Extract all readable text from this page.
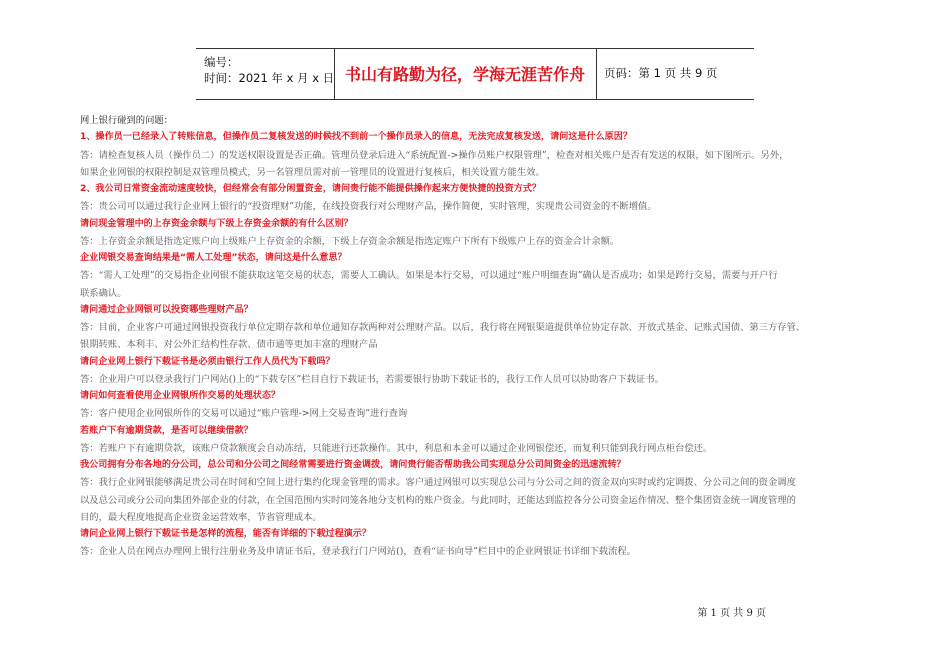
编号：
时间：2021 年 x 月 x 日 书山有路勤为径，学海无涯苦作舟	页码：第 1 页 共 9 页
网上银行碰到的问题：
1、操作员一已经录入了转账信息，但操作员二复核发送的时候找不到前一个操作员录入的信息，无法完成复核发送，请问这是什么原因？
答：请检查复核人员（操作员二）的发送权限设置是否正确。管理员登录后进入“系统配置->操作员账户权限管理”，检查对相关账户是否有发送的权限，如下图所示。另外，
如果企业网银的权限控制是双管理员模式，另一名管理员需对前一管理员的设置进行复核后，相关设置方能生效。
2、我公司日常资金流动速度较快，但经常会有部分闲置资金，请问贵行能不能提供操作起来方便快捷的投资方式？
答：贵公司可以通过我行企业网上银行的“投资理财”功能，在线投资我行对公理财产品，操作简便，实时管理，实现贵公司资金的不断增值。
请问现金管理中的上存资金余额与下级上存资金余额的有什么区别？
答：上存资金余额是指选定账户向上级账户上存资金的余额，下级上存资金余额是指选定账户下所有下级账户上存的资金合计余额。
企业网银交易查询结果是“需人工处理”状态，请问这是什么意思？
答：“需人工处理”的交易指企业网银不能获取这笔交易的状态，需要人工确认。如果是本行交易，可以通过“账户明细查询”确认是否成功；如果是跨行交易，需要与开户行
联系确认。
请问通过企业网银可以投资哪些理财产品？
答：目前，企业客户可通过网银投资我行单位定期存款和单位通知存款两种对公理财产品。以后，我行将在网银渠道提供单位协定存款、开放式基金、记账式国债、第三方存管、
银期转账、本利丰、对公外汇结构性存款、债市通等更加丰富的理财产品
请问企业网上银行下载证书是必须由银行工作人员代为下载吗？
答：企业用户可以登录我行门户网站()上的“下载专区”栏目自行下载证书，若需要银行协助下载证书的，我行工作人员可以协助客户下载证书。
请问如何查看使用企业网银所作交易的处理状态？
答：客户使用企业网银所作的交易可以通过“账户管理->网上交易查询”进行查询
若账户下有逾期贷款，是否可以继续借款？
答：若账户下有逾期贷款，该账户贷款额度会自动冻结，只能进行还款操作。其中，利息和本金可以通过企业网银偿还，而复利只能到我行网点柜台偿还。
我公司拥有分布各地的分公司，总公司和分公司之间经常需要进行资金调拨，请问贵行能否帮助我公司实现总分公司间资金的迅速流转？
答：我行企业网银能够满足贵公司在时间和空间上进行集约化现金管理的需求。客户通过网银可以实现总公司与分公司之间的资金双向实时或约定调拨、分公司之间的资金调度
以及总公司或分公司向集团外部企业的付款，在全国范围内实时同笼各地分支机构的账户资金。与此同时，还能达到监控各分公司资金运作情况、整个集团资金统一调度管理的
目的，最大程度地提高企业资金运营效率，节省管理成本。
请问企业网上银行下载证书是怎样的流程，能否有详细的下载过程演示？
答：企业人员在网点办理网上银行注册业务及申请证书后，登录我行门户网站()，查看“证书向导”栏目中的企业网银证书详细下载流程。
第 1 页 共 9 页
